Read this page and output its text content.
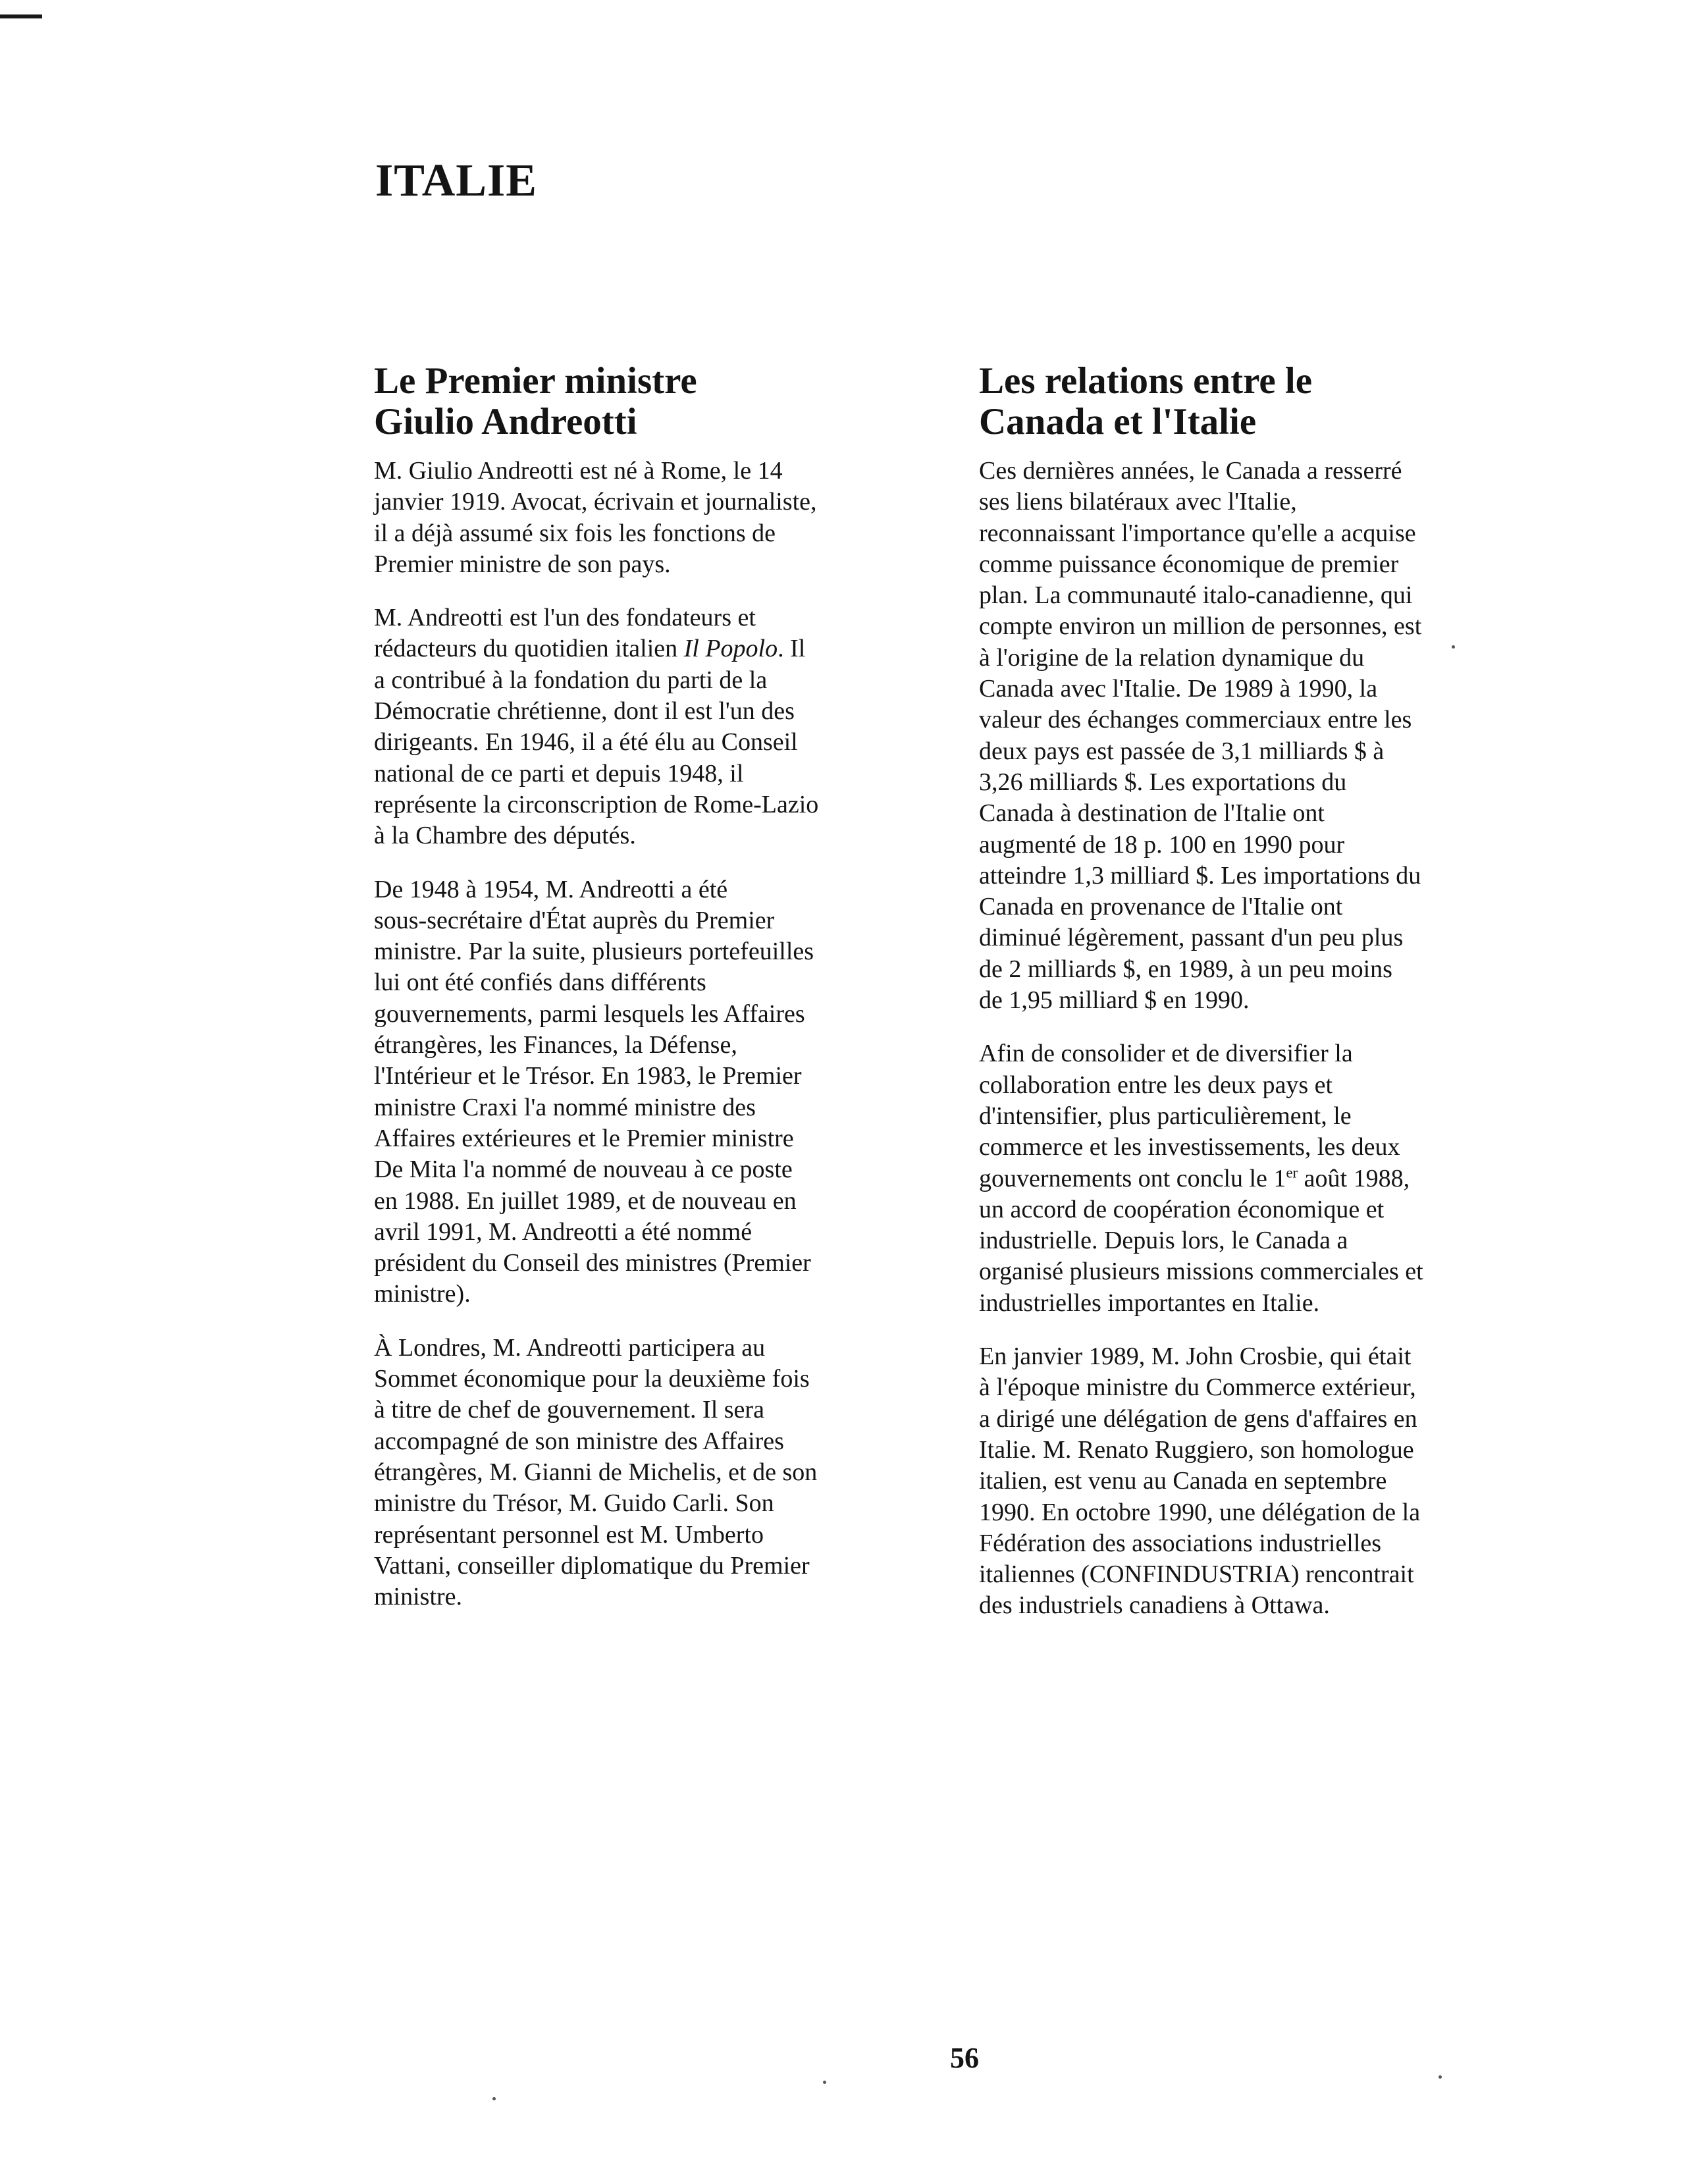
ITALIE
Le Premier ministre
Giulio Andreotti

M. Giulio Andreotti est né à Rome, le 14
janvier 1919. Avocat, écrivain et journaliste,
il a déjà assumé six fois les fonctions de
Premier ministre de son pays.

M. Andreotti est l'un des fondateurs et
rédacteurs du quotidien italien Il Popolo. Il
a contribué à la fondation du parti de la
Démocratie chrétienne, dont il est l'un des
dirigeants. En 1946, il a été élu au Conseil
national de ce parti et depuis 1948, il
représente la circonscription de Rome-Lazio
à la Chambre des députés.

De 1948 à 1954, M. Andreotti a été
sous-secrétaire d'État auprès du Premier
ministre. Par la suite, plusieurs portefeuilles
lui ont été confiés dans différents
gouvernements, parmi lesquels les Affaires
étrangères, les Finances, la Défense,
l'Intérieur et le Trésor. En 1983, le Premier
ministre Craxi l'a nommé ministre des
Affaires extérieures et le Premier ministre
De Mita l'a nommé de nouveau à ce poste
en 1988. En juillet 1989, et de nouveau en
avril 1991, M. Andreotti a été nommé
président du Conseil des ministres (Premier
ministre).

À Londres, M. Andreotti participera au
Sommet économique pour la deuxième fois
à titre de chef de gouvernement. Il sera
accompagné de son ministre des Affaires
étrangères, M. Gianni de Michelis, et de son
ministre du Trésor, M. Guido Carli. Son
représentant personnel est M. Umberto
Vattani, conseiller diplomatique du Premier
ministre.

Les relations entre le
Canada et l'Italie

Ces dernières années, le Canada a resserré
ses liens bilatéraux avec l'Italie,
reconnaissant l'importance qu'elle a acquise
comme puissance économique de premier
plan. La communauté italo-canadienne, qui
compte environ un million de personnes, est
à l'origine de la relation dynamique du
Canada avec l'Italie. De 1989 à 1990, la
valeur des échanges commerciaux entre les
deux pays est passée de 3,1 milliards $ à
3,26 milliards $. Les exportations du
Canada à destination de l'Italie ont
augmenté de 18 p. 100 en 1990 pour
atteindre 1,3 milliard $. Les importations du
Canada en provenance de l'Italie ont
diminué légèrement, passant d'un peu plus
de 2 milliards $, en 1989, à un peu moins
de 1,95 milliard $ en 1990.

Afin de consolider et de diversifier la
collaboration entre les deux pays et
d'intensifier, plus particulièrement, le
commerce et les investissements, les deux
gouvernements ont conclu le 1er août 1988,
un accord de coopération économique et
industrielle. Depuis lors, le Canada a
organisé plusieurs missions commerciales et
industrielles importantes en Italie.

En janvier 1989, M. John Crosbie, qui était
à l'époque ministre du Commerce extérieur,
a dirigé une délégation de gens d'affaires en
Italie. M. Renato Ruggiero, son homologue
italien, est venu au Canada en septembre
1990. En octobre 1990, une délégation de la
Fédération des associations industrielles
italiennes (CONFINDUSTRIA) rencontrait
des industriels canadiens à Ottawa.

56
